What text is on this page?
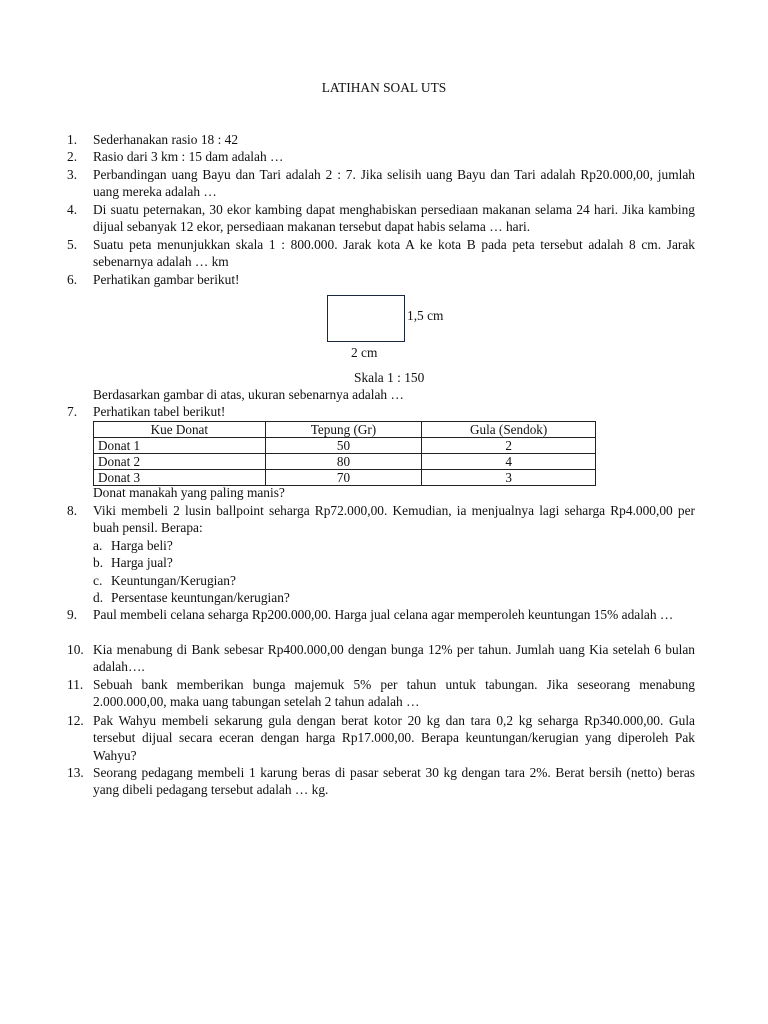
LATIHAN SOAL UTS
1. Sederhanakan rasio 18 : 42
2. Rasio dari 3 km : 15 dam adalah …
3. Perbandingan uang Bayu dan Tari adalah 2 : 7. Jika selisih uang Bayu dan Tari adalah Rp20.000,00, jumlah uang mereka adalah …
4. Di suatu peternakan, 30 ekor kambing dapat menghabiskan persediaan makanan selama 24 hari. Jika kambing dijual sebanyak 12 ekor, persediaan makanan tersebut dapat habis selama … hari.
5. Suatu peta menunjukkan skala 1 : 800.000. Jarak kota A ke kota B pada peta tersebut adalah 8 cm. Jarak sebenarnya adalah … km
6. Perhatikan gambar berikut!
1,5 cm
2 cm
Skala 1 : 150
Berdasarkan gambar di atas, ukuran sebenarnya adalah …
7. Perhatikan tabel berikut!
Kue Donat	Tepung (Gr)	Gula (Sendok)
Donat 1	50	2
Donat 2	80	4
Donat 3	70	3
Donat manakah yang paling manis?
8. Viki membeli 2 lusin ballpoint seharga Rp72.000,00. Kemudian, ia menjualnya lagi seharga Rp4.000,00 per buah pensil. Berapa:
a. Harga beli?
b. Harga jual?
c. Keuntungan/Kerugian?
d. Persentase keuntungan/kerugian?
9. Paul membeli celana seharga Rp200.000,00. Harga jual celana agar memperoleh keuntungan 15% adalah …
10. Kia menabung di Bank sebesar Rp400.000,00 dengan bunga 12% per tahun. Jumlah uang Kia setelah 6 bulan adalah….
11. Sebuah bank memberikan bunga majemuk 5% per tahun untuk tabungan. Jika seseorang menabung 2.000.000,00, maka uang tabungan setelah 2 tahun adalah …
12. Pak Wahyu membeli sekarung gula dengan berat kotor 20 kg dan tara 0,2 kg seharga Rp340.000,00. Gula tersebut dijual secara eceran dengan harga Rp17.000,00. Berapa keuntungan/kerugian yang diperoleh Pak Wahyu?
13. Seorang pedagang membeli 1 karung beras di pasar seberat 30 kg dengan tara 2%. Berat bersih (netto) beras yang dibeli pedagang tersebut adalah … kg.
